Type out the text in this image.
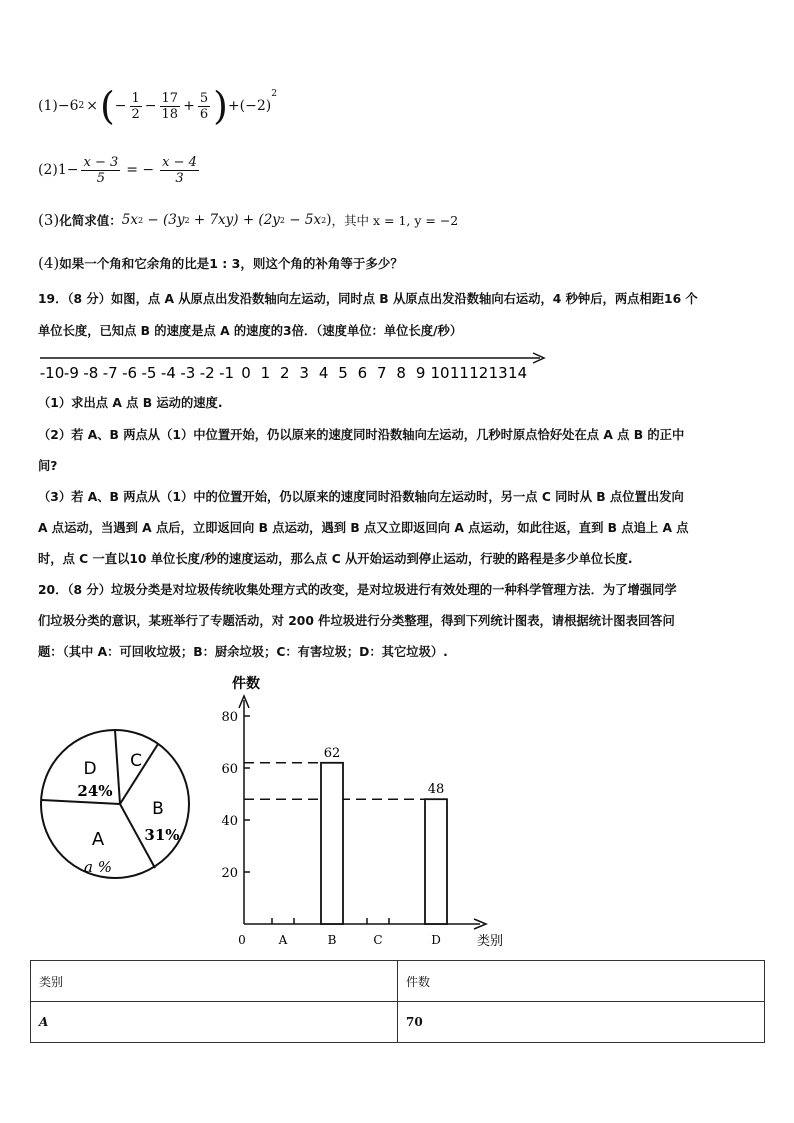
(1) −6 2 × ( − $\frac{1}{2} - \frac{17}{18} + \frac{5}{6}$ ) +(−2)
$^2$
(2) $1- \frac{x - 3}{5}$ = − $\frac{x - 4}{3}$
(3) 化简求值： 5x 2 − (3y 2 + 7xy) + (2y 2 − 5x 2 ) ，其中 x = 1, y = −2
(4) 如果一个角和它余角的比是1 : 3，则这个角的补角等于多少？
19．（8 分）如图，点 A 从原点出发沿数轴向左运动，同时点 B 从原点出发沿数轴向右运动，4 秒钟后，两点相距16 个
单位长度，已知点 B 的速度是点 A 的速度的3倍．（速度单位：单位长度/秒）
-10 -9 -8 -7 -6 -5 -4 -3 -2 -1 0 1 2 3 4 5 6 7 8 9 10 11 12 13 14
（1）求出点 A 点 B 运动的速度.
（2）若 A、B 两点从（1）中位置开始，仍以原来的速度同时沿数轴向左运动，几秒时原点恰好处在点 A 点 B 的正中
间?
（3）若 A、B 两点从（1）中的位置开始，仍以原来的速度同时沿数轴向左运动时，另一点 C 同时从 B 点位置出发向
A 点运动，当遇到 A 点后，立即返回向 B 点运动，遇到 B 点又立即返回向 A 点运动，如此往返，直到 B 点追上 A 点
时，点 C 一直以10 单位长度/秒的速度运动，那么点 C 从开始运动到停止运动，行驶的路程是多少单位长度.
20．（8 分）垃圾分类是对垃圾传统收集处理方式的改变，是对垃圾进行有效处理的一种科学管理方法．为了增强同学
们垃圾分类的意识，某班举行了专题活动，对 200 件垃圾进行分类整理，得到下列统计图表，请根据统计图表回答问
题：（其中 A：可回收垃圾；B：厨余垃圾；C：有害垃圾；D：其它垃圾）.
D
24%
C
B
31%
A
a %
件数
0	类别
20
40
60
80
62
48
A	B	C	D
类别	件数
A	70
